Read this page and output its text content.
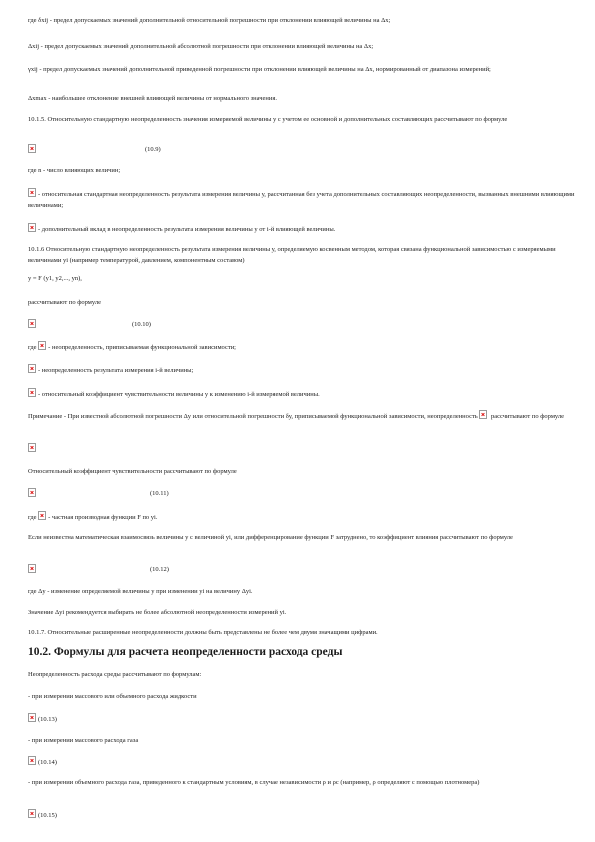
где δxij - предел допускаемых значений дополнительной относительной погрешности при отклонении влияющей величины на Δx;
Δxij - предел допускаемых значений дополнительной абсолютной погрешности при отклонении влияющей величины на Δx;
γxij - предел допускаемых значений дополнительной приведенной погрешности при отклонении влияющей величины на Δx, нормированный от диапазона измерений;
Δxmax - наибольшее отклонение внешней влияющей величины от нормального значения.
10.1.5. Относительную стандартную неопределенность значения измеряемой величины у с учетом ее основной и дополнительных составляющих рассчитывают по формуле
(10.9)
где n - число влияющих величин;
- относительная стандартная неопределенность результата измерения величины у, рассчитанная без учета дополнительных составляющих неопределенности, вызванных внешними влияющими величинами;
- дополнительный вклад в неопределенность результата измерения величины у от i-й влияющей величины.
10.1.6 Относительную стандартную неопределенность результата измерения величины у, определяемую косвенным методом, которая связана функциональной зависимостью с измеряемыми величинами yi (например температурой, давлением, компонентным составом)
у = F (у1, у2,..., уn),
рассчитывают по формуле
(10.10)
где - неопределенность, приписываемая функциональной зависимости;
- неопределенность результата измерения i-й величины;
- относительный коэффициент чувствительности величины у к изменению i-й измеряемой величины.
Примечание - При известной абсолютной погрешности Δу или относительной погрешности δу, приписываемой функциональной зависимости, неопределенность рассчитывают по формуле
Относительный коэффициент чувствительности рассчитывают по формуле
(10.11)
где - частная производная функции F по yi.
Если неизвестна математическая взаимосвязь величины у с величиной yi, или дифференцирование функции F затруднено, то коэффициент влияния рассчитывают по формуле
(10.12)
где Δу - изменение определяемой величины у при изменении yi на величину Δyi.
Значение Δyi рекомендуется выбирать не более абсолютной неопределенности измерений yi.
10.1.7. Относительные расширенные неопределенности должны быть представлены не более чем двумя значащими цифрами.
10.2. Формулы для расчета неопределенности расхода среды
Неопределенность расхода среды рассчитывают по формулам:
- при измерении массового или объемного расхода жидкости
(10.13)
- при измерении массового расхода газа
(10.14)
- при измерении объемного расхода газа, приведенного к стандартным условиям, в случае независимости ρ и ρс (например, ρ определяют с помощью плотномера)
(10.15)
